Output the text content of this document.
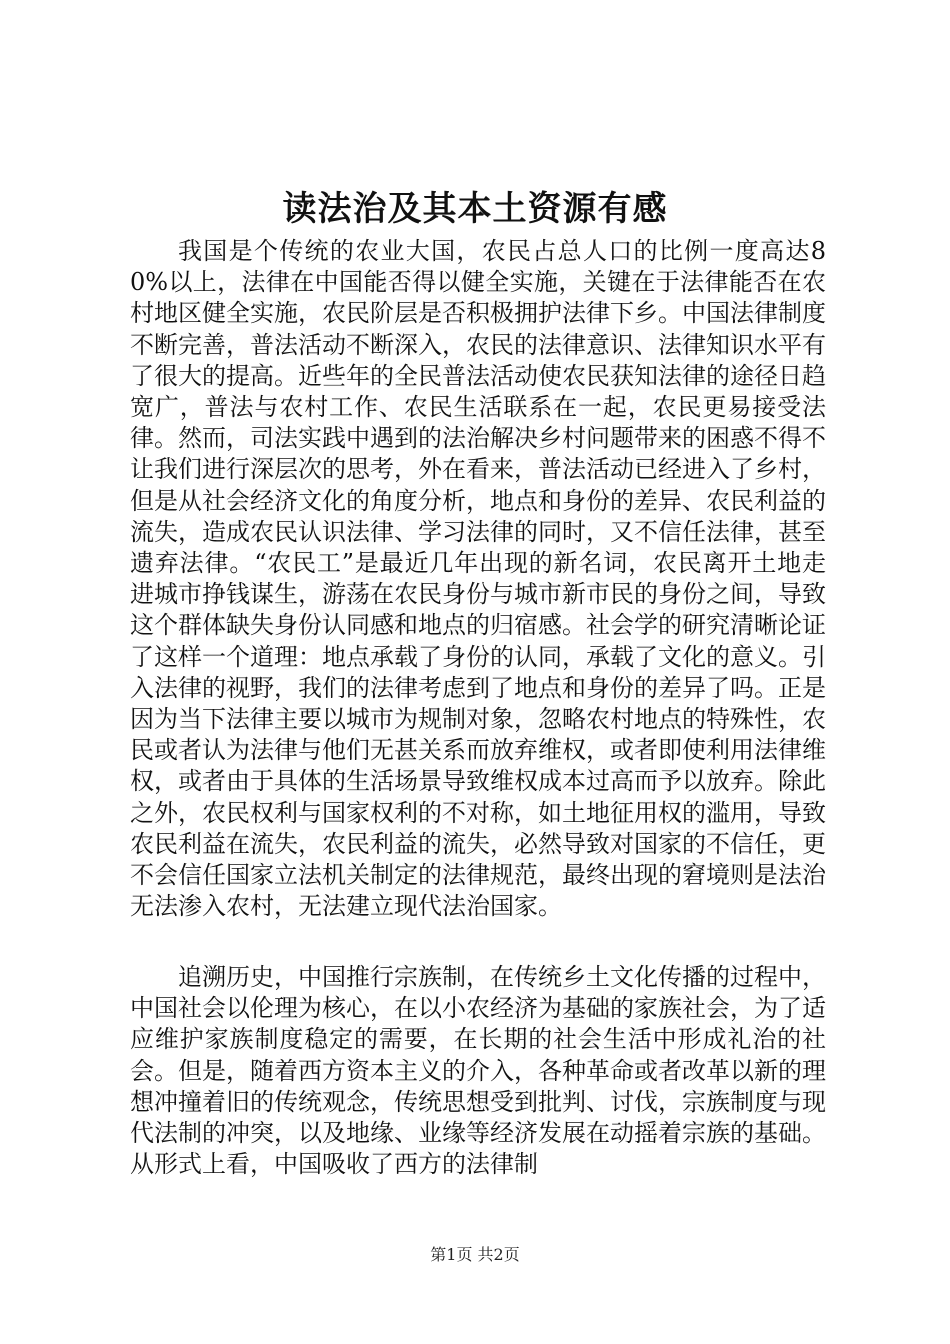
读法治及其本土资源有感

我国是个传统的农业大国，农民占总人口的比例一度高达80%以上，法律在中国能否得以健全实施，关键在于法律能否在农村地区健全实施，农民阶层是否积极拥护法律下乡。中国法律制度不断完善，普法活动不断深入，农民的法律意识、法律知识水平有了很大的提高。近些年的全民普法活动使农民获知法律的途径日趋宽广，普法与农村工作、农民生活联系在一起，农民更易接受法律。然而，司法实践中遇到的法治解决乡村问题带来的困惑不得不让我们进行深层次的思考，外在看来，普法活动已经进入了乡村，但是从社会经济文化的角度分析，地点和身份的差异、农民利益的流失，造成农民认识法律、学习法律的同时，又不信任法律，甚至遗弃法律。“农民工”是最近几年出现的新名词，农民离开土地走进城市挣钱谋生，游荡在农民身份与城市新市民的身份之间，导致这个群体缺失身份认同感和地点的归宿感。社会学的研究清晰论证了这样一个道理：地点承载了身份的认同，承载了文化的意义。引入法律的视野，我们的法律考虑到了地点和身份的差异了吗。正是因为当下法律主要以城市为规制对象，忽略农村地点的特殊性，农民或者认为法律与他们无甚关系而放弃维权，或者即使利用法律维权，或者由于具体的生活场景导致维权成本过高而予以放弃。除此之外，农民权利与国家权利的不对称，如土地征用权的滥用，导致农民利益在流失，农民利益的流失，必然导致对国家的不信任，更不会信任国家立法机关制定的法律规范，最终出现的窘境则是法治无法渗入农村，无法建立现代法治国家。

追溯历史，中国推行宗族制，在传统乡土文化传播的过程中，中国社会以伦理为核心，在以小农经济为基础的家族社会，为了适应维护家族制度稳定的需要，在长期的社会生活中形成礼治的社会。但是，随着西方资本主义的介入，各种革命或者改革以新的理想冲撞着旧的传统观念，传统思想受到批判、讨伐，宗族制度与现代法制的冲突，以及地缘、业缘等经济发展在动摇着宗族的基础。从形式上看，中国吸收了西方的法律制

第1页 共2页
